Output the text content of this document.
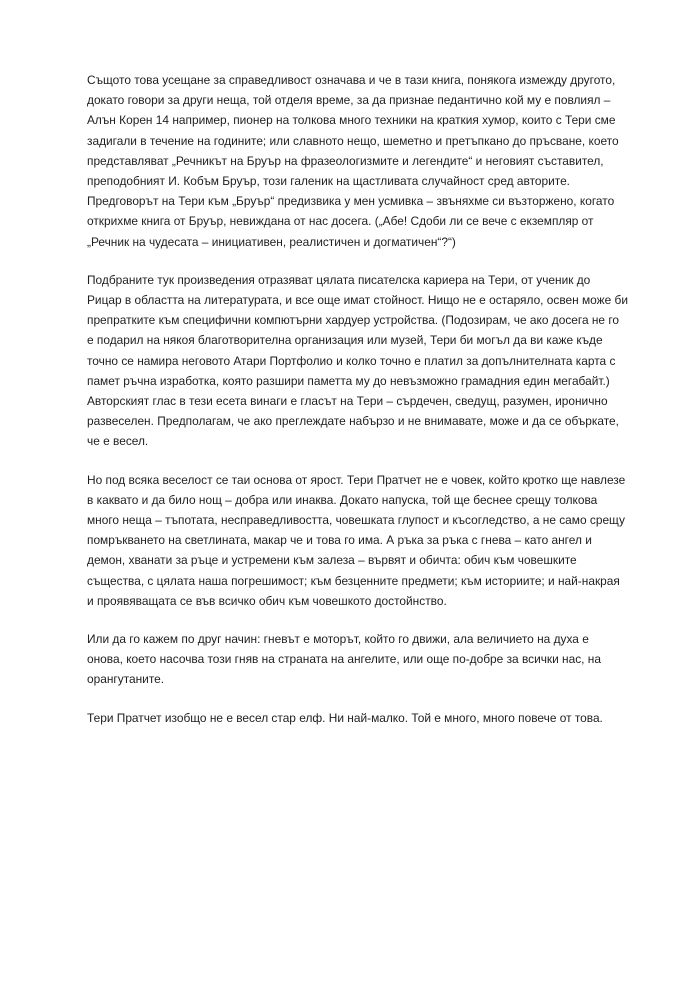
Същото това усещане за справедливост означава и че в тази книга, понякога измежду другото,
докато говори за други неща, той отделя време, за да признае педантично кой му е повлиял –
Алън Корен 14 например, пионер на толкова много техники на краткия хумор, които с Тери сме
задигали в течение на годините; или славното нещо, шеметно и претъпкано до пръсване, което
представляват „Речникът на Бруър на фразеологизмите и легендите“ и неговият съставител,
преподобният И. Кобъм Бруър, този галеник на щастливата случайност сред авторите.
Предговорът на Тери към „Бруър“ предизвика у мен усмивка – звъняхме си възторжено, когато
открихме книга от Бруър, невиждана от нас досега. („Абе! Сдоби ли се вече с екземпляр от
„Речник на чудесата – инициативен, реалистичен и догматичен“?“)

Подбраните тук произведения отразяват цялата писателска кариера на Тери, от ученик до
Рицар в областта на литературата, и все още имат стойност. Нищо не е остаряло, освен може би
препратките към специфични компютърни хардуер устройства. (Подозирам, че ако досега не го
е подарил на някоя благотворителна организация или музей, Тери би могъл да ви каже къде
точно се намира неговото Атари Портфолио и колко точно е платил за допълнителната карта с
памет ръчна изработка, която разшири паметта му до невъзможно грамадния един мегабайт.)
Авторският глас в тези есета винаги е гласът на Тери – сърдечен, сведущ, разумен, иронично
развеселен. Предполагам, че ако преглеждате набързо и не внимавате, може и да се объркате,
че е весел.

Но под всяка веселост се таи основа от ярост. Тери Пратчет не е човек, който кротко ще навлезе
в каквато и да било нощ – добра или инаква. Докато напуска, той ще беснее срещу толкова
много неща – тъпотата, несправедливостта, човешката глупост и късогледство, а не само срещу
помръкването на светлината, макар че и това го има. А ръка за ръка с гнева – като ангел и
демон, хванати за ръце и устремени към залеза – вървят и обичта: обич към човешките
същества, с цялата наша погрешимост; към безценните предмети; към историите; и най-накрая
и проявяващата се във всичко обич към човешкото достойнство.

Или да го кажем по друг начин: гневът е моторът, който го движи, ала величието на духа е
онова, което насочва този гняв на страната на ангелите, или още по-добре за всички нас, на
орангутаните.

Тери Пратчет изобщо не е весел стар елф. Ни най-малко. Той е много, много повече от това.
